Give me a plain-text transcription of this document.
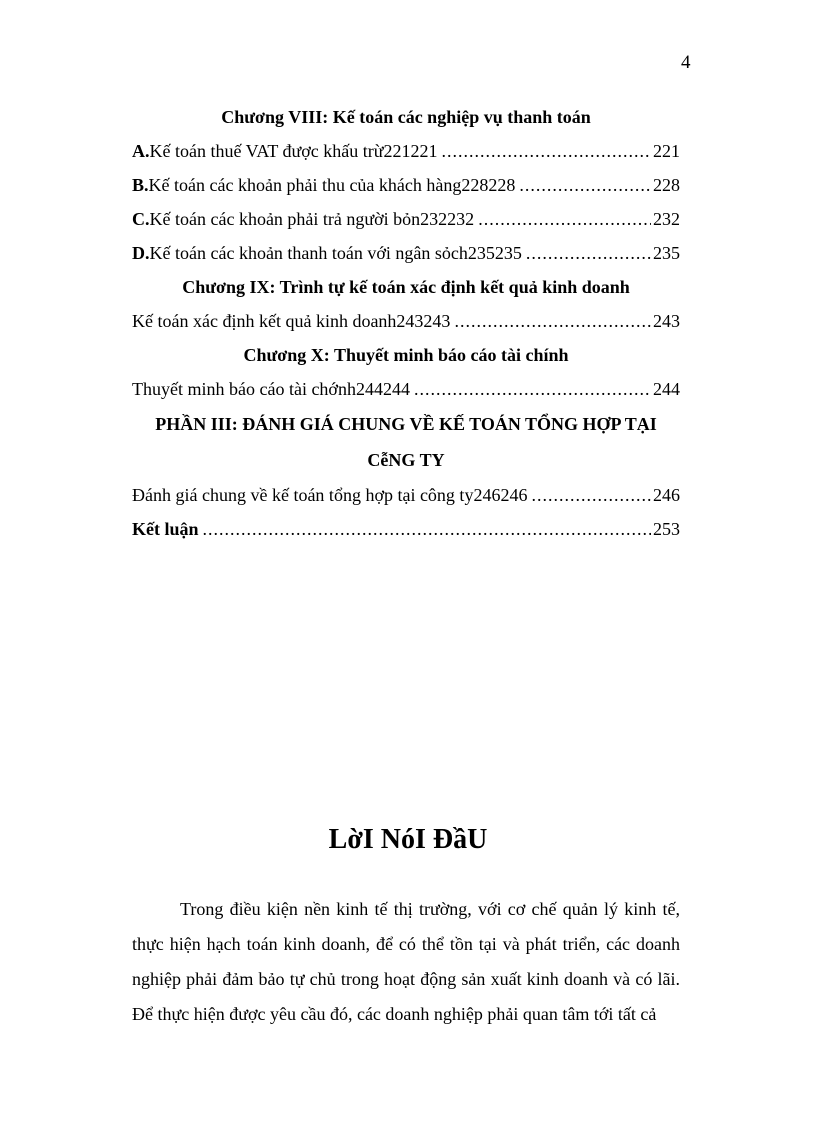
4
Chương VIII: Kế toán các nghiệp vụ thanh toán
A.Kế toán thuế VAT được khấu trừ221221 .....	221
B.Kế toán các khoản phải thu của khách hàng228228 .....	228
C.Kế toán các khoản phải trả người bỏn232232 .....	232
D.Kế toán các khoản thanh toán với ngân sỏch235235 .....	235
Chương IX: Trình tự kế toán xác định kết quả kinh doanh
Kế toán xác định kết quả kinh doanh243243 .....	243
Chương X: Thuyết minh báo cáo tài chính
Thuyết minh báo cáo tài chớnh244244 .....	244
PHẦN III: ĐÁNH GIÁ CHUNG VỀ KẾ TOÁN TỔNG HỢP TẠI
CễNG TY
Đánh giá chung về kế toán tổng hợp tại công ty246246 .....	246
Kết luận .....	253
LờI NóI ĐầU

Trong điều kiện nền kinh tế thị trường, với cơ chế quản lý kinh tế,
thực hiện hạch toán kinh doanh, để có thể tồn tại và phát triển, các doanh
nghiệp phải đảm bảo tự chủ trong hoạt động sản xuất kinh doanh và có lãi.
Để thực hiện được yêu cầu đó, các doanh nghiệp phải quan tâm tới tất cả
